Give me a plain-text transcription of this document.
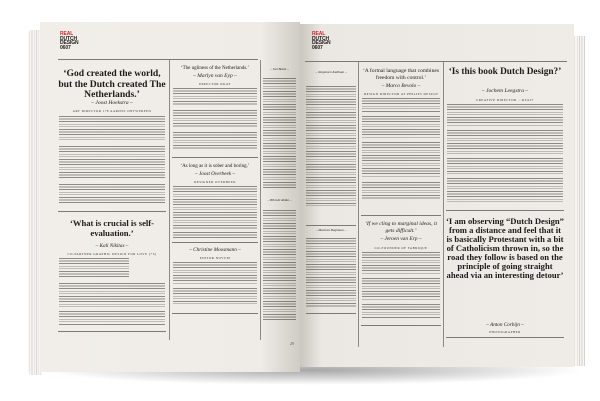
REAL
DUTCH
DESIGN
0607
‘God created the world, but the Dutch created The Netherlands.’
– Joost Hoekstra –
ART DIRECTOR 178 AARDSE ONTWERPEN
‘What is crucial is self-evaluation.’
– Kali Nikitas –
CO-PARTNER GRAPHIC DESIGN FOR LOVE (+S)
‘The ugliness of the Netherlands.’
– Marlyn van Eyp –
DIRECTOR KKAT
‘As long as it is sober and boring.’
– Joost Overbeek –
DESIGNER OVERBEEK
– Christine Moosmann –
EDITOR NOVUM
– Jan Boost –
– Hiroshi Abiko –
29
REAL
DUTCH
DESIGN
0607
– Jørgensen Kallman –
– Marleen Buijsman –
‘A formal language that combines freedom with control.’
– Marco Bevolo –
DESIGN DIRECTOR AT PHILIPS DESIGN
‘If we cling to marginal ideas, it gets difficult.’
– Jeroen van Erp –
CO-FOUNDER OF FABRIQUE
‘Is this book Dutch Design?’
– Jochem Leegstra –
CREATIVE DIRECTOR ...KTA37
‘I am observing “Dutch Design” from a distance and feel that it is basically Protestant with a bit of Catholicism thrown in, so the road they follow is based on the principle of going straight ahead via an interesting detour’
– Anton Corbijn –
PHOTOGRAPHER
